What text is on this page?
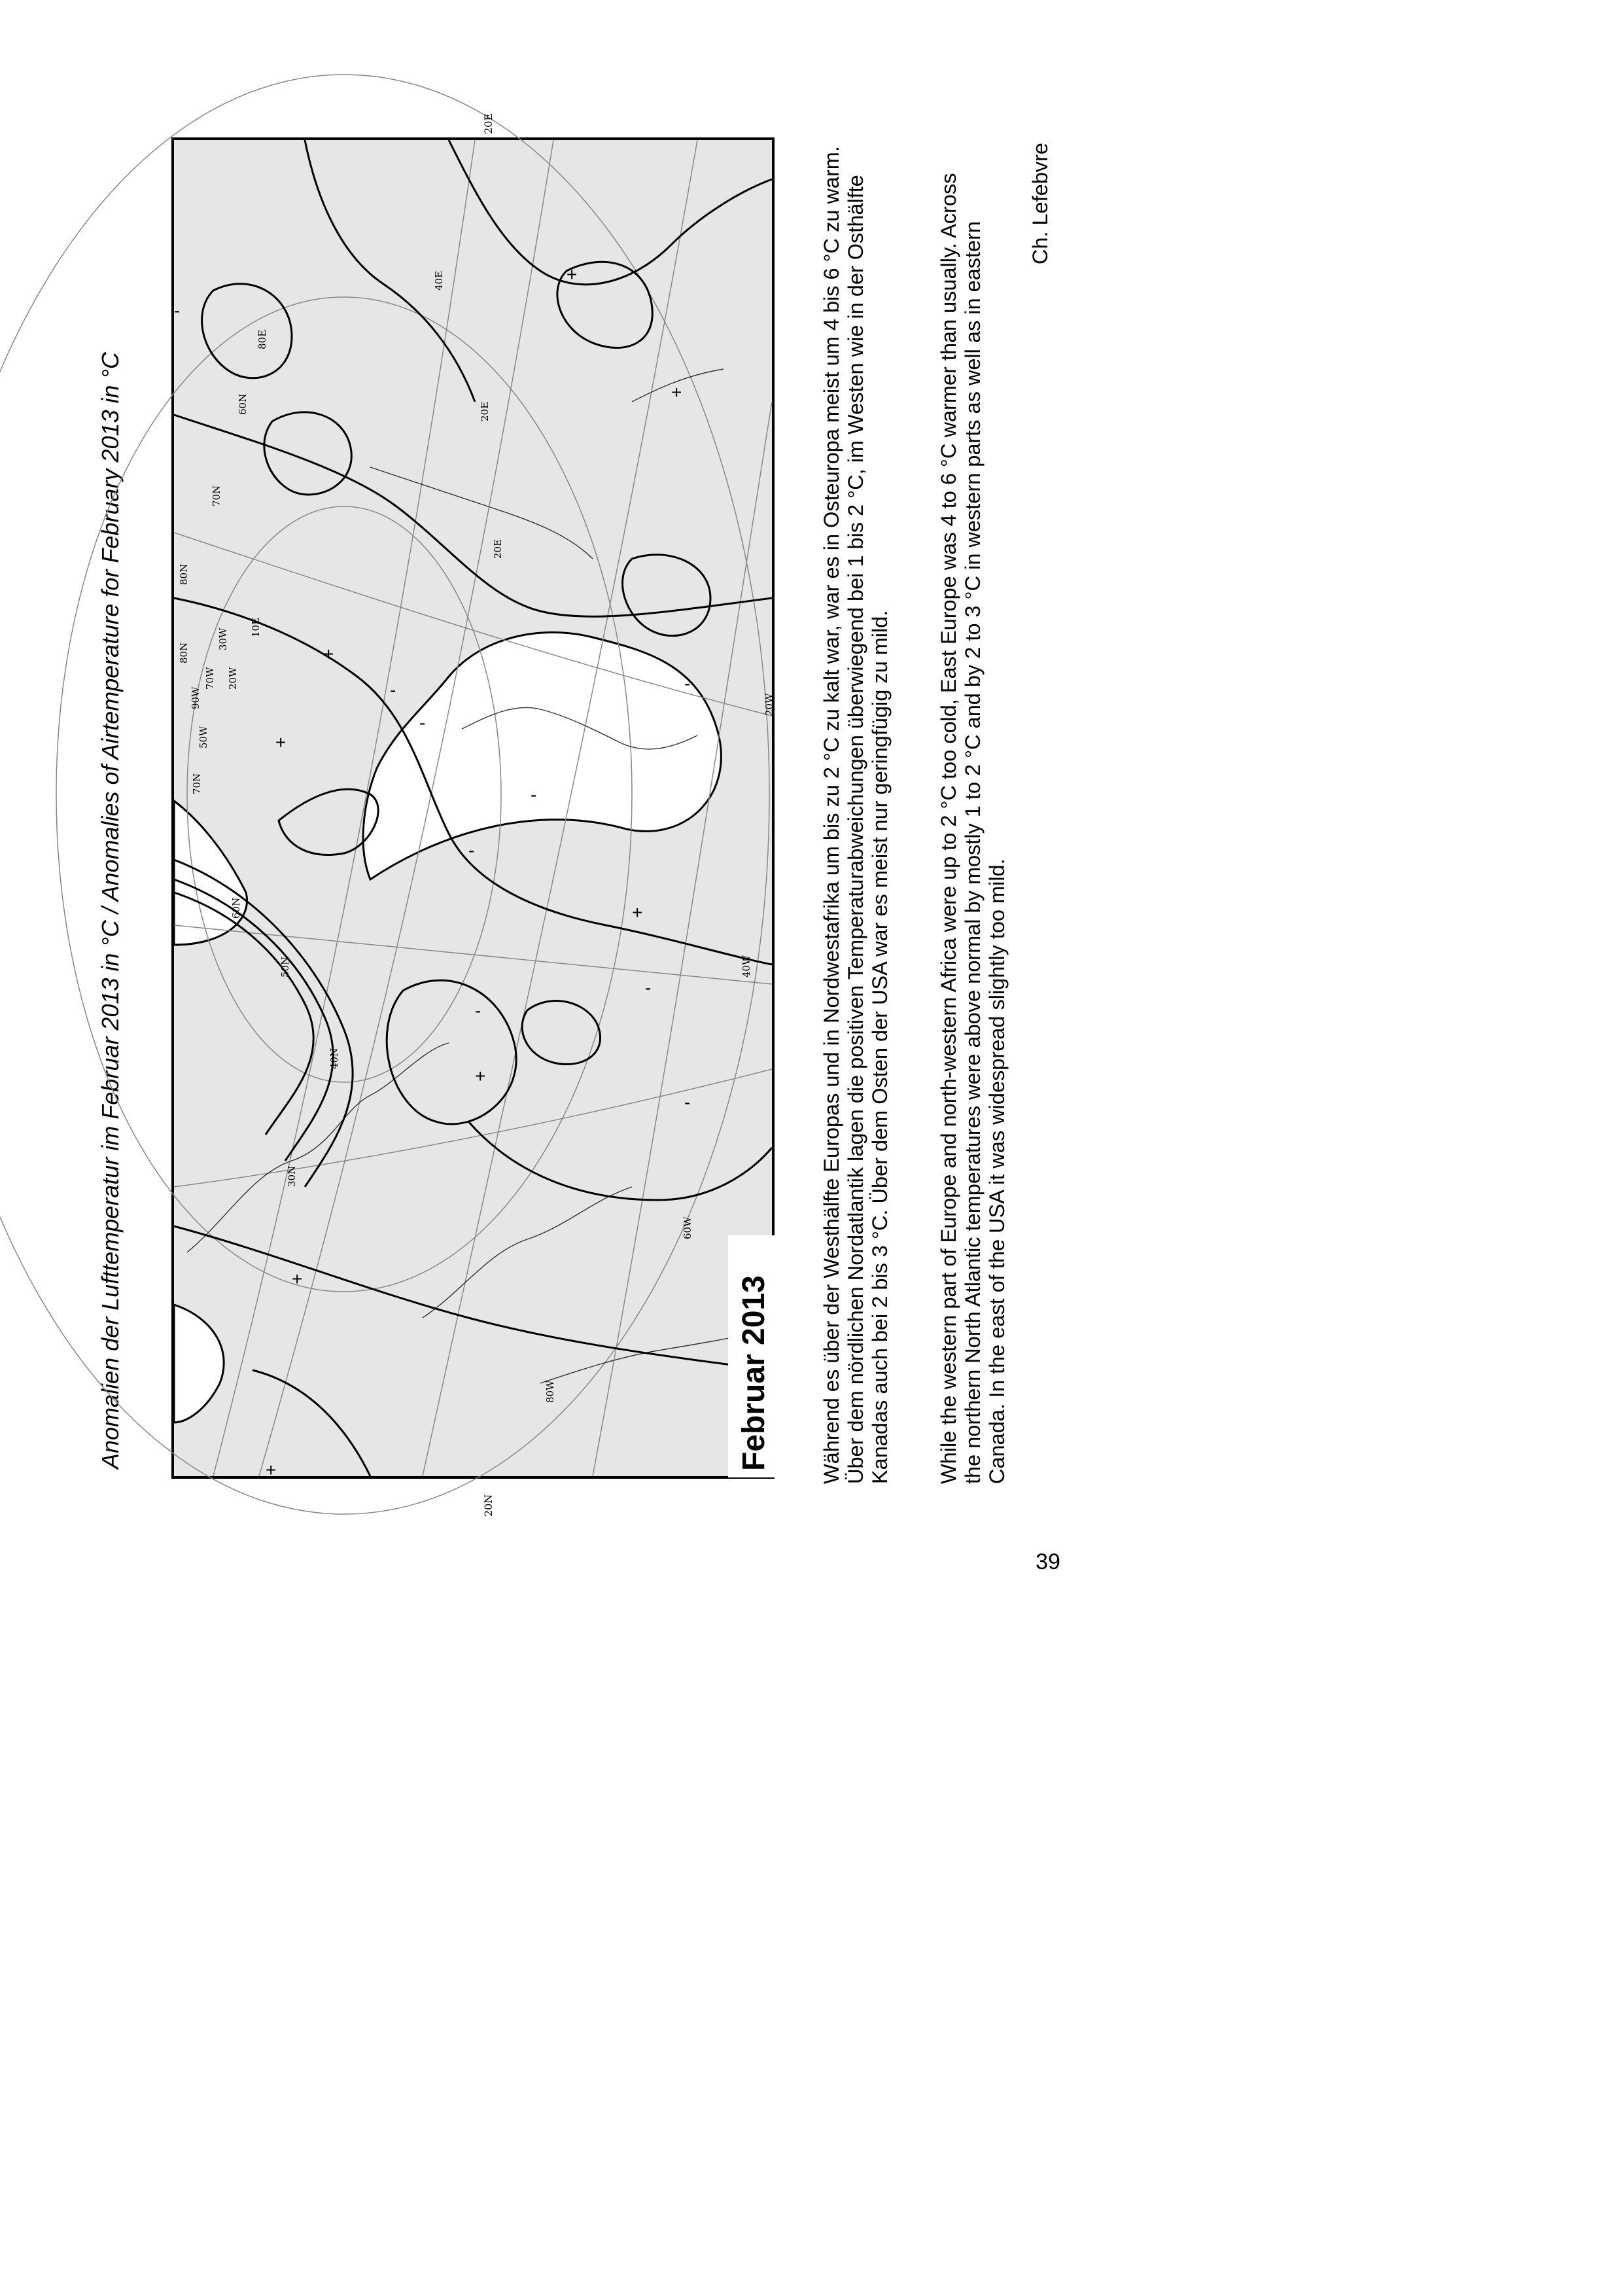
Anomalien der Lufttemperatur im Februar 2013 in °C / Anomalies of Airtemperature for February 2013 in °C	30N
40N
50N
60N
70N
80N
60N
70N
80N
80E
40E
20E
80W
60W
40W
20W
90W
70W
50W
30W
10E
20W
20E
+
+
+
+
+
+
+
+
-
-
-
-
-
-
-
-
-
20E
20N
Februar 2013	Während es über der Westhälfte Europas und in Nordwestafrika um bis zu 2 °C zu kalt war, war es in Osteuropa meist um 4 bis 6 °C zu warm. Über dem nördlichen Nordatlantik lagen die positiven Temperaturabweichungen überwiegend bei 1 bis 2 °C, im Westen wie in der Osthälfte Kanadas auch bei 2 bis 3 °C. Über dem Osten der USA war es meist nur geringfügig zu mild. While the western part of Europe and north-western Africa were up to 2 °C too cold, East Europe was 4 to 6 °C warmer than usually. Across the northern North Atlantic temperatures were above normal by mostly 1 to 2 °C and by 2 to 3 °C in western parts as well as in eastern Canada. In the east of the USA it was widespread slightly too mild.
Ch. Lefebvre
39
